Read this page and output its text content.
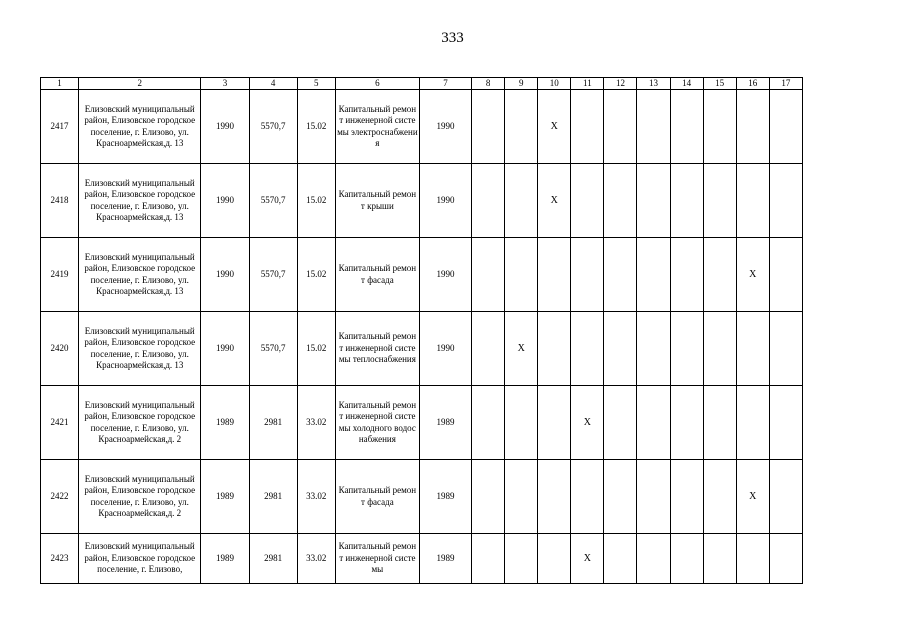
333
1	2	3	4	5	6	7	8	9	10	11	12	13	14	15	16	17
2417	Елизовский муниципальный район, Елизовское городское поселение, г. Елизово, ул. Красноармейская,д. 13	1990	5570,7	15.02	Капитальный ремонт инженерной системы электроснабжения	1990			X							
2418	Елизовский муниципальный район, Елизовское городское поселение, г. Елизово, ул. Красноармейская,д. 13	1990	5570,7	15.02	Капитальный ремонт крыши	1990			X							
2419	Елизовский муниципальный район, Елизовское городское поселение, г. Елизово, ул. Красноармейская,д. 13	1990	5570,7	15.02	Капитальный ремонт фасада	1990									X	
2420	Елизовский муниципальный район, Елизовское городское поселение, г. Елизово, ул. Красноармейская,д. 13	1990	5570,7	15.02	Капитальный ремонт инженерной системы теплоснабжения	1990		X								
2421	Елизовский муниципальный район, Елизовское городское поселение, г. Елизово, ул. Красноармейская,д. 2	1989	2981	33.02	Капитальный ремонт инженерной системы холодного водоснабжения	1989				X						
2422	Елизовский муниципальный район, Елизовское городское поселение, г. Елизово, ул. Красноармейская,д. 2	1989	2981	33.02	Капитальный ремонт фасада	1989									X	
2423	Елизовский муниципальный район, Елизовское городское поселение, г. Елизово,	1989	2981	33.02	Капитальный ремонт инженерной системы	1989				X						
